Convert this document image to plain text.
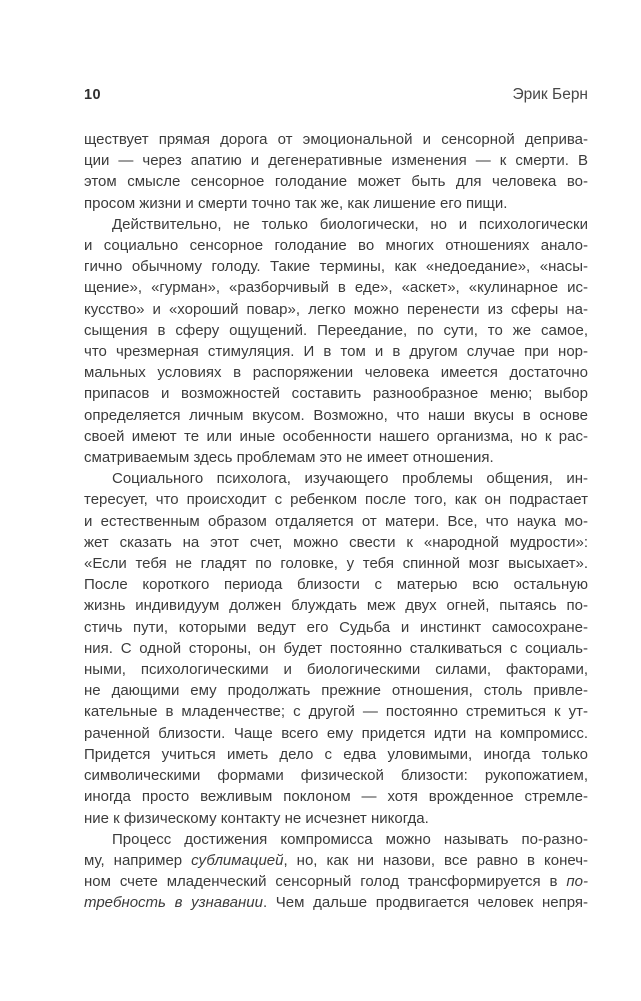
10	Эрик Берн
ществует прямая дорога от эмоциональной и сенсорной деприва-
ции — через апатию и дегенеративные изменения — к смерти. В
этом смысле сенсорное голодание может быть для человека во-
просом жизни и смерти точно так же, как лишение его пищи.
Действительно, не только биологически, но и психологически
и социально сенсорное голодание во многих отношениях анало-
гично обычному голоду. Такие термины, как «недоедание», «насы-
щение», «гурман», «разборчивый в еде», «аскет», «кулинарное ис-
кусство» и «хороший повар», легко можно перенести из сферы на-
сыщения в сферу ощущений. Переедание, по сути, то же самое,
что чрезмерная стимуляция. И в том и в другом случае при нор-
мальных условиях в распоряжении человека имеется достаточно
припасов и возможностей составить разнообразное меню; выбор
определяется личным вкусом. Возможно, что наши вкусы в основе
своей имеют те или иные особенности нашего организма, но к рас-
сматриваемым здесь проблемам это не имеет отношения.
Социального психолога, изучающего проблемы общения, ин-
тересует, что происходит с ребенком после того, как он подрастает
и естественным образом отдаляется от матери. Все, что наука мо-
жет сказать на этот счет, можно свести к «народной мудрости»:
«Если тебя не гладят по головке, у тебя спинной мозг высыхает».
После короткого периода близости с матерью всю остальную
жизнь индивидуум должен блуждать меж двух огней, пытаясь по-
стичь пути, которыми ведут его Судьба и инстинкт самосохране-
ния. С одной стороны, он будет постоянно сталкиваться с социаль-
ными, психологическими и биологическими силами, факторами,
не дающими ему продолжать прежние отношения, столь привле-
кательные в младенчестве; с другой — постоянно стремиться к ут-
раченной близости. Чаще всего ему придется идти на компромисс.
Придется учиться иметь дело с едва уловимыми, иногда только
символическими формами физической близости: рукопожатием,
иногда просто вежливым поклоном — хотя врожденное стремле-
ние к физическому контакту не исчезнет никогда.
Процесс достижения компромисса можно называть по-разно-
му, например сублимацией, но, как ни назови, все равно в конеч-
ном счете младенческий сенсорный голод трансформируется в по-
требность в узнавании. Чем дальше продвигается человек непря-
